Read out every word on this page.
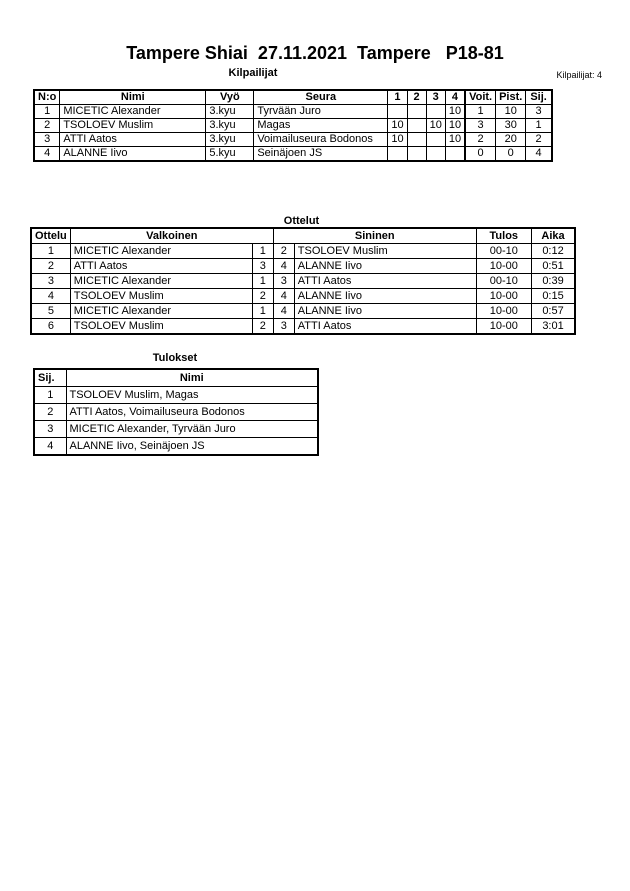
Tampere Shiai  27.11.2021  Tampere   P18-81
Kilpailijat	Kilpailijat: 4
N:o	Nimi	Vyö	Seura	1	2	3	4	Voit.	Pist.	Sij.
1	MICETIC Alexander	3.kyu	Tyrvään Juro				10	1	10	3
2	TSOLOEV Muslim	3.kyu	Magas	10		10	10	3	30	1
3	ATTI Aatos	3.kyu	Voimailuseura Bodonos	10			10	2	20	2
4	ALANNE Iivo	5.kyu	Seinäjoen JS					0	0	4
Ottelut
Ottelu	Valkoinen		Sininen		Tulos	Aika
1	MICETIC Alexander	1	2	TSOLOEV Muslim	00-10	0:12
2	ATTI Aatos	3	4	ALANNE Iivo	10-00	0:51
3	MICETIC Alexander	1	3	ATTI Aatos	00-10	0:39
4	TSOLOEV Muslim	2	4	ALANNE Iivo	10-00	0:15
5	MICETIC Alexander	1	4	ALANNE Iivo	10-00	0:57
6	TSOLOEV Muslim	2	3	ATTI Aatos	10-00	3:01
Tulokset
Sij.	Nimi
1	TSOLOEV Muslim, Magas
2	ATTI Aatos, Voimailuseura Bodonos
3	MICETIC Alexander, Tyrvään Juro
4	ALANNE Iivo, Seinäjoen JS
